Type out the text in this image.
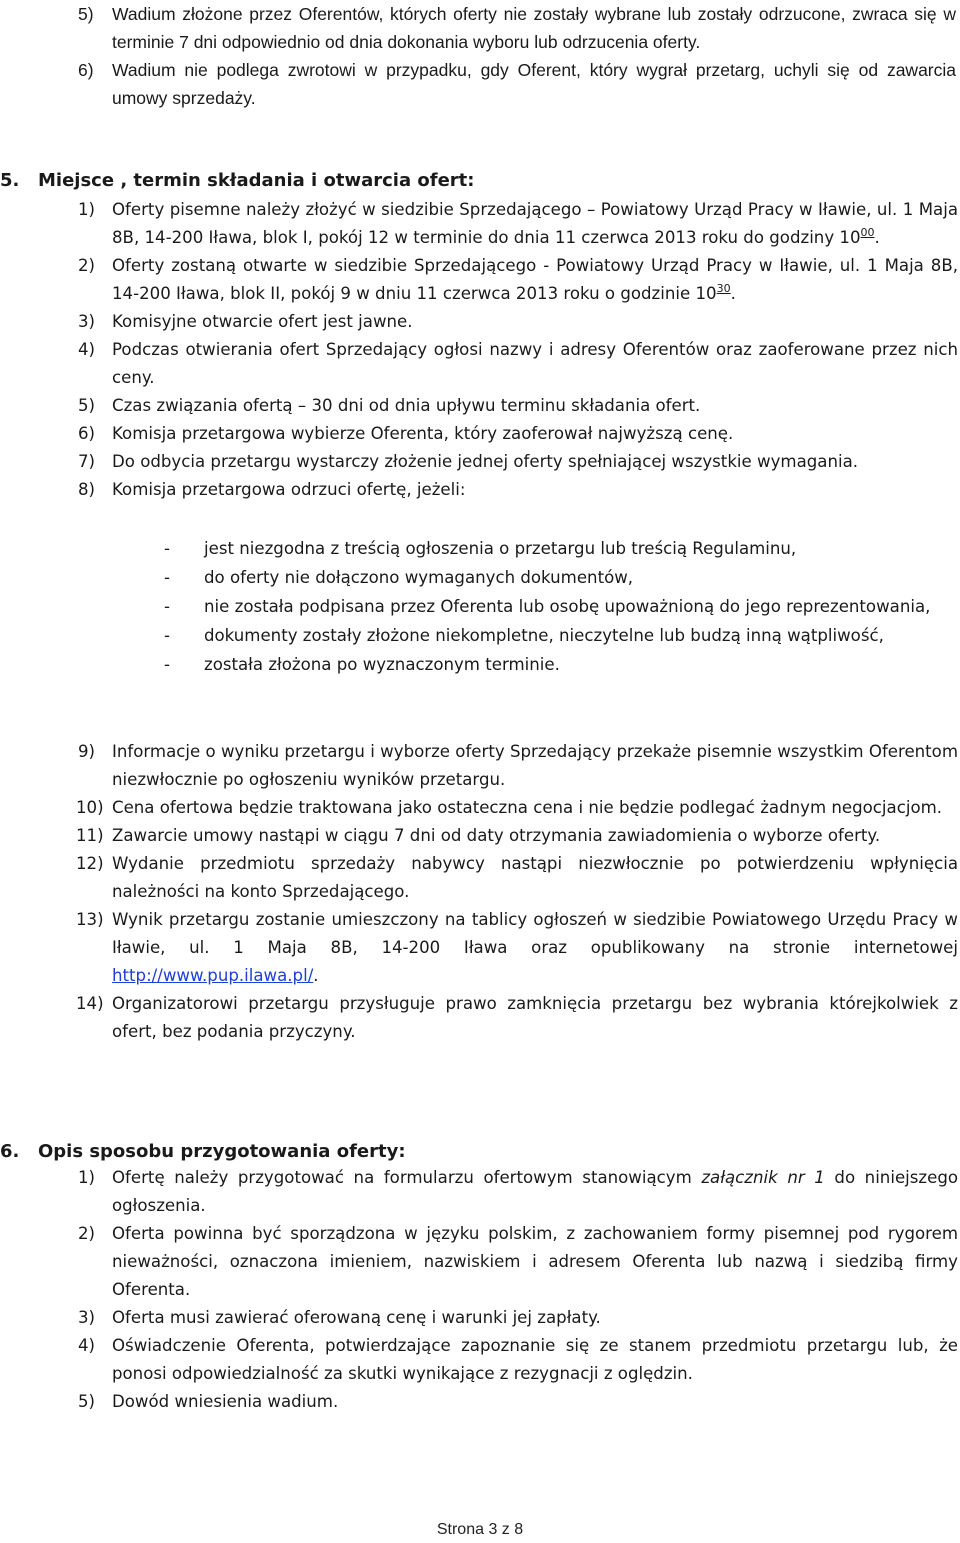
5) Wadium złożone przez Oferentów, których oferty nie zostały wybrane lub zostały odrzucone, zwraca się w terminie 7 dni odpowiednio od dnia dokonania wyboru lub odrzucenia oferty.
6) Wadium nie podlega zwrotowi w przypadku, gdy Oferent, który wygrał przetarg, uchyli się od zawarcia umowy sprzedaży.
5. Miejsce , termin składania i otwarcia ofert:
1) Oferty pisemne należy złożyć w siedzibie Sprzedającego – Powiatowy Urząd Pracy w Iławie, ul. 1 Maja 8B, 14-200 Iława, blok I, pokój 12 w terminie do dnia 11 czerwca 2013 roku do godziny $10^{00}$.
2) Oferty zostaną otwarte w siedzibie Sprzedającego - Powiatowy Urząd Pracy w Iławie, ul. 1 Maja 8B, 14-200 Iława, blok II, pokój 9 w dniu 11 czerwca 2013 roku o godzinie $10^{30}$.
3) Komisyjne otwarcie ofert jest jawne.
4) Podczas otwierania ofert Sprzedający ogłosi nazwy i adresy Oferentów oraz zaoferowane przez nich ceny.
5) Czas związania ofertą – 30 dni od dnia upływu terminu składania ofert.
6) Komisja przetargowa wybierze Oferenta, który zaoferował najwyższą cenę.
7) Do odbycia przetargu wystarczy złożenie jednej oferty spełniającej wszystkie wymagania.
8) Komisja przetargowa odrzuci ofertę, jeżeli:
- jest niezgodna z treścią ogłoszenia o przetargu lub treścią Regulaminu,
- do oferty nie dołączono wymaganych dokumentów,
- nie została podpisana przez Oferenta lub osobę upoważnioną do jego reprezentowania,
- dokumenty zostały złożone niekompletne, nieczytelne lub budzą inną wątpliwość,
- została złożona po wyznaczonym terminie.
9) Informacje o wyniku przetargu i wyborze oferty Sprzedający przekaże pisemnie wszystkim Oferentom niezwłocznie po ogłoszeniu wyników przetargu.
10) Cena ofertowa będzie traktowana jako ostateczna cena i nie będzie podlegać żadnym negocjacjom.
11) Zawarcie umowy nastąpi w ciągu 7 dni od daty otrzymania zawiadomienia o wyborze oferty.
12) Wydanie przedmiotu sprzedaży nabywcy nastąpi niezwłocznie po potwierdzeniu wpłynięcia należności na konto Sprzedającego.
13) Wynik przetargu zostanie umieszczony na tablicy ogłoszeń w siedzibie Powiatowego Urzędu Pracy w Iławie, ul. 1 Maja 8B, 14-200 Iława oraz opublikowany na stronie internetowej http://www.pup.ilawa.pl/.
14) Organizatorowi przetargu przysługuje prawo zamknięcia przetargu bez wybrania którejkolwiek z ofert, bez podania przyczyny.
6. Opis sposobu przygotowania oferty:
1) Ofertę należy przygotować na formularzu ofertowym stanowiącym załącznik nr 1 do niniejszego ogłoszenia.
2) Oferta powinna być sporządzona w języku polskim, z zachowaniem formy pisemnej pod rygorem nieważności, oznaczona imieniem, nazwiskiem i adresem Oferenta lub nazwą i siedzibą firmy Oferenta.
3) Oferta musi zawierać oferowaną cenę i warunki jej zapłaty.
4) Oświadczenie Oferenta, potwierdzające zapoznanie się ze stanem przedmiotu przetargu lub, że ponosi odpowiedzialność za skutki wynikające z rezygnacji z oględzin.
5) Dowód wniesienia wadium.
Strona 3 z 8
